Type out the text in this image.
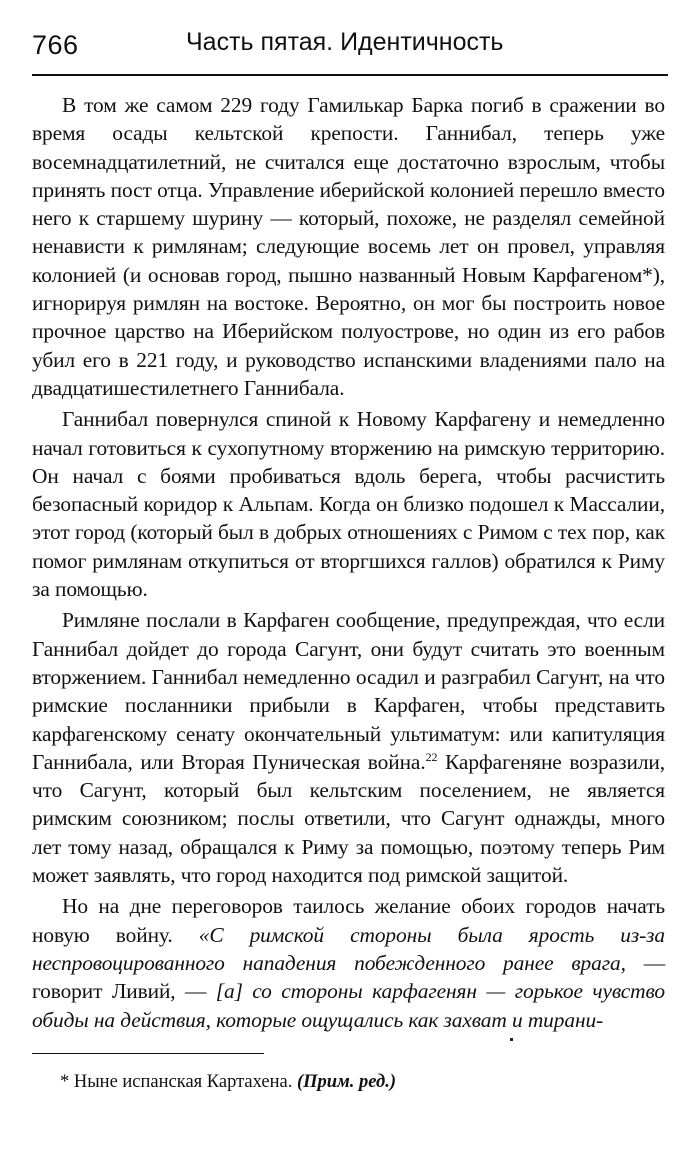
766	Часть пятая. Идентичность

В том же самом 229 году Гамилькар Барка погиб в сражении во время осады кельтской крепости. Ганнибал, теперь уже восемнадцатилетний, не считался еще достаточно взрослым, чтобы принять пост отца. Управление иберийской колонией перешло вместо него к старшему шурину — который, похоже, не разделял семейной ненависти к римлянам; следующие восемь лет он провел, управляя колонией (и основав город, пышно названный Новым Карфагеном*), игнорируя римлян на востоке. Вероятно, он мог бы построить новое прочное царство на Иберийском полуострове, но один из его рабов убил его в 221 году, и руководство испанскими владениями пало на двадцатишестилетнего Ганнибала.

Ганнибал повернулся спиной к Новому Карфагену и немедленно начал готовиться к сухопутному вторжению на римскую территорию. Он начал с боями пробиваться вдоль берега, чтобы расчистить безопасный коридор к Альпам. Когда он близко подошел к Массалии, этот город (который был в добрых отношениях с Римом с тех пор, как помог римлянам откупиться от вторгшихся галлов) обратился к Риму за помощью.

Римляне послали в Карфаген сообщение, предупреждая, что если Ганнибал дойдет до города Сагунт, они будут считать это военным вторжением. Ганнибал немедленно осадил и разграбил Сагунт, на что римские посланники прибыли в Карфаген, чтобы представить карфагенскому сенату окончательный ультиматум: или капитуляция Ганнибала, или Вторая Пуническая война.$^{22}$ Карфагеняне возразили, что Сагунт, который был кельтским поселением, не является римским союзником; послы ответили, что Сагунт однажды, много лет тому назад, обращался к Риму за помощью, поэтому теперь Рим может заявлять, что город находится под римской защитой.

Но на дне переговоров таилось желание обоих городов начать новую войну. «С римской стороны была ярость из-за неспровоцированного нападения побежденного ранее врага, — говорит Ливий, — [а] со стороны карфагенян — горькое чувство обиды на действия, которые ощущались как захват и тирани-

* Ныне испанская Картахена. (Прим. ред.)
